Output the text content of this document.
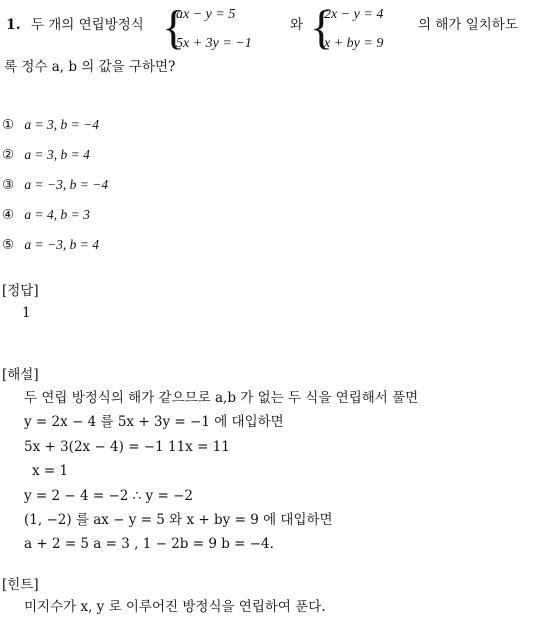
1. 두 개의 연립방정식 {
ax − y = 5
5x + 3y = −1
와 {
2x − y = 4
x + by = 9
의 해가 일치하도
록 정수 a, b 의 값을 구하면?
① a = 3, b = −4
② a = 3, b = 4
③ a = −3, b = −4
④ a = 4, b = 3
⑤ a = −3, b = 4
[정답]
1
[해설]
두 연립 방정식의 해가 같으므로 a,b 가 없는 두 식을 연립해서 풀면
y = 2x − 4 를 5x + 3y = −1 에 대입하면
5x + 3(2x − 4) = −1 11x = 11
x = 1
y = 2 − 4 = −2 ∴ y = −2
(1, −2) 를 ax − y = 5 와 x + by = 9 에 대입하면
a + 2 = 5 a = 3 , 1 − 2b = 9 b = −4.
[힌트]
미지수가 x, y 로 이루어진 방정식을 연립하여 푼다.
